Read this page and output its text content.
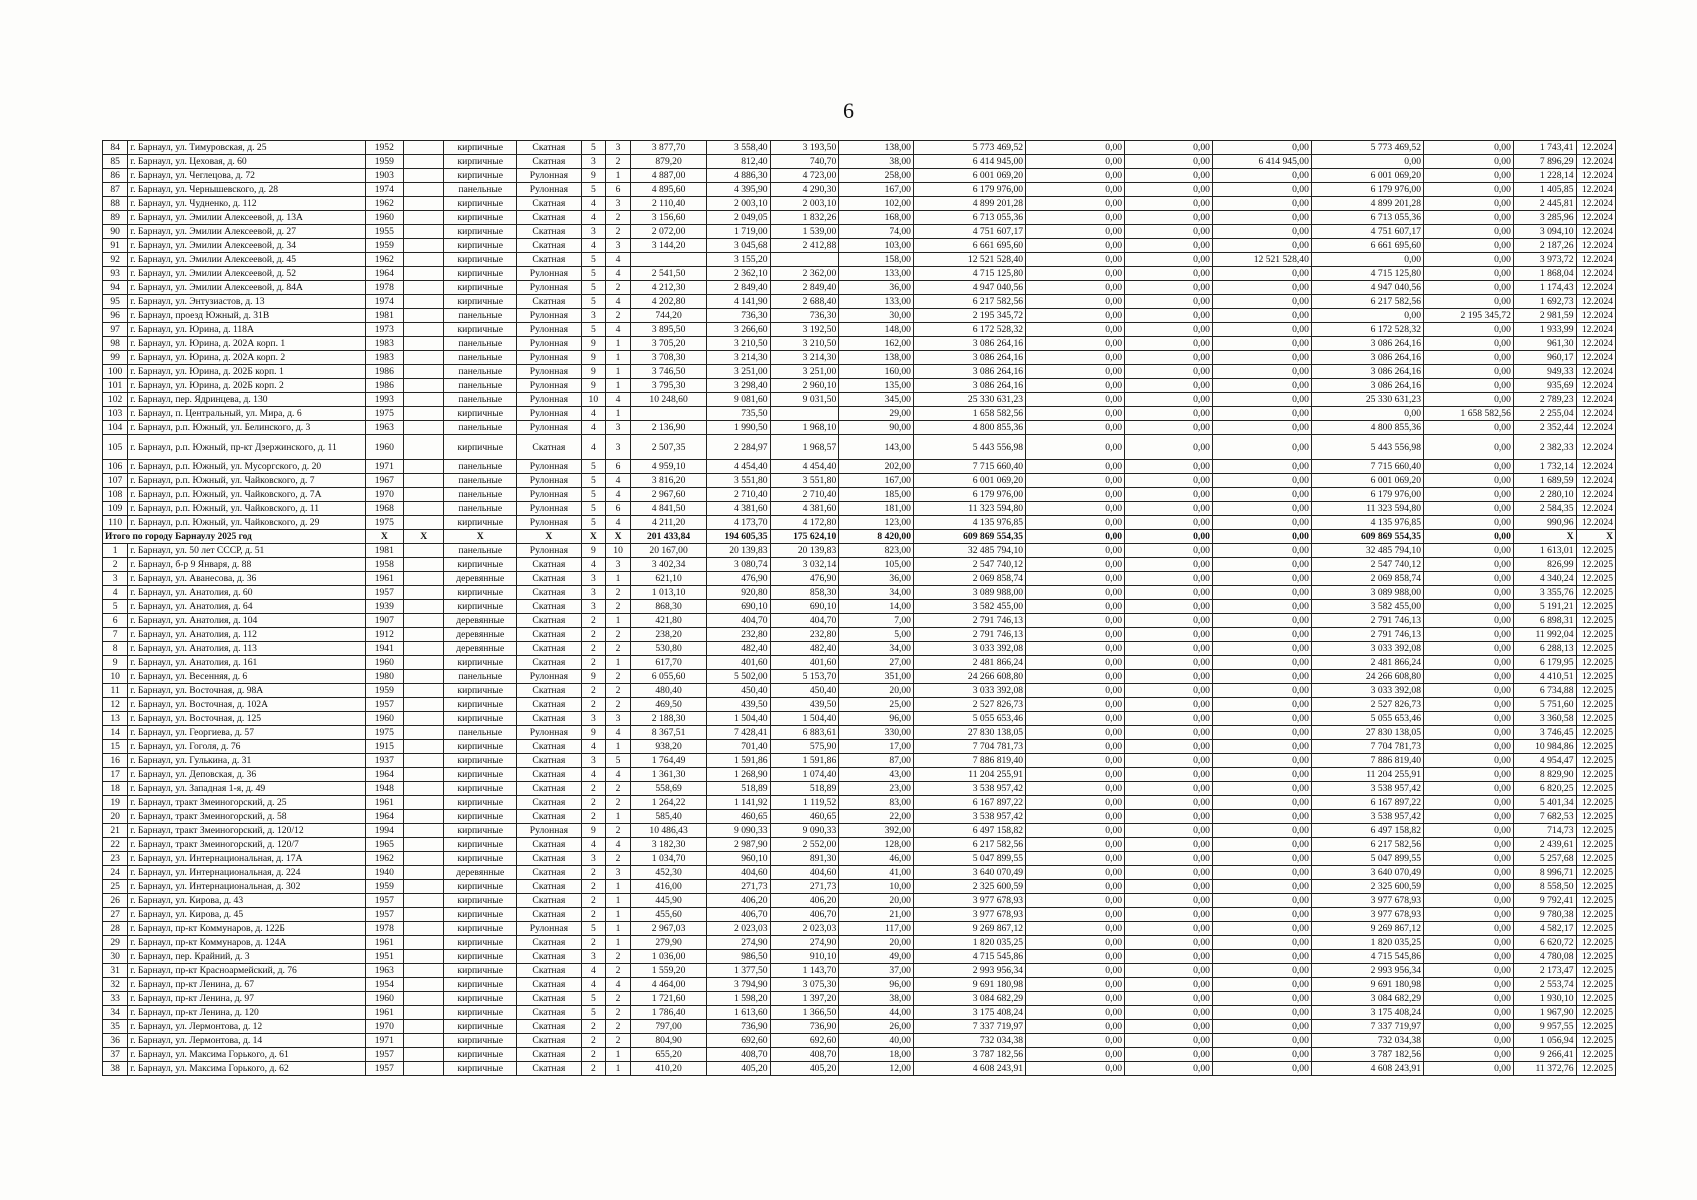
6
84	г. Барнаул, ул. Тимуровская, д. 25	1952		кирпичные	Скатная	5	3	3 877,70	3 558,40	3 193,50	138,00	5 773 469,52	0,00	0,00	0,00	5 773 469,52	0,00	1 743,41	12.2024
85	г. Барнаул, ул. Цеховая, д. 60	1959		кирпичные	Скатная	3	2	879,20	812,40	740,70	38,00	6 414 945,00	0,00	0,00	6 414 945,00	0,00	0,00	7 896,29	12.2024
86	г. Барнаул, ул. Чеглецова, д. 72	1903		кирпичные	Рулонная	9	1	4 887,00	4 886,30	4 723,00	258,00	6 001 069,20	0,00	0,00	0,00	6 001 069,20	0,00	1 228,14	12.2024
87	г. Барнаул, ул. Чернышевского, д. 28	1974		панельные	Рулонная	5	6	4 895,60	4 395,90	4 290,30	167,00	6 179 976,00	0,00	0,00	0,00	6 179 976,00	0,00	1 405,85	12.2024
88	г. Барнаул, ул. Чудненко, д. 112	1962		кирпичные	Скатная	4	3	2 110,40	2 003,10	2 003,10	102,00	4 899 201,28	0,00	0,00	0,00	4 899 201,28	0,00	2 445,81	12.2024
89	г. Барнаул, ул. Эмилии Алексеевой, д. 13А	1960		кирпичные	Скатная	4	2	3 156,60	2 049,05	1 832,26	168,00	6 713 055,36	0,00	0,00	0,00	6 713 055,36	0,00	3 285,96	12.2024
90	г. Барнаул, ул. Эмилии Алексеевой, д. 27	1955		кирпичные	Скатная	3	2	2 072,00	1 719,00	1 539,00	74,00	4 751 607,17	0,00	0,00	0,00	4 751 607,17	0,00	3 094,10	12.2024
91	г. Барнаул, ул. Эмилии Алексеевой, д. 34	1959		кирпичные	Скатная	4	3	3 144,20	3 045,68	2 412,88	103,00	6 661 695,60	0,00	0,00	0,00	6 661 695,60	0,00	2 187,26	12.2024
92	г. Барнаул, ул. Эмилии Алексеевой, д. 45	1962		кирпичные	Скатная	5	4		3 155,20		158,00	12 521 528,40	0,00	0,00	12 521 528,40	0,00	0,00	3 973,72	12.2024
93	г. Барнаул, ул. Эмилии Алексеевой, д. 52	1964		кирпичные	Рулонная	5	4	2 541,50	2 362,10	2 362,00	133,00	4 715 125,80	0,00	0,00	0,00	4 715 125,80	0,00	1 868,04	12.2024
94	г. Барнаул, ул. Эмилии Алексеевой, д. 84А	1978		кирпичные	Рулонная	5	2	4 212,30	2 849,40	2 849,40	36,00	4 947 040,56	0,00	0,00	0,00	4 947 040,56	0,00	1 174,43	12.2024
95	г. Барнаул, ул. Энтузиастов, д. 13	1974		кирпичные	Скатная	5	4	4 202,80	4 141,90	2 688,40	133,00	6 217 582,56	0,00	0,00	0,00	6 217 582,56	0,00	1 692,73	12.2024
96	г. Барнаул, проезд Южный, д. 31В	1981		панельные	Рулонная	3	2	744,20	736,30	736,30	30,00	2 195 345,72	0,00	0,00	0,00	0,00	2 195 345,72	2 981,59	12.2024
97	г. Барнаул, ул. Юрина, д. 118А	1973		кирпичные	Рулонная	5	4	3 895,50	3 266,60	3 192,50	148,00	6 172 528,32	0,00	0,00	0,00	6 172 528,32	0,00	1 933,99	12.2024
98	г. Барнаул, ул. Юрина, д. 202А корп. 1	1983		панельные	Рулонная	9	1	3 705,20	3 210,50	3 210,50	162,00	3 086 264,16	0,00	0,00	0,00	3 086 264,16	0,00	961,30	12.2024
99	г. Барнаул, ул. Юрина, д. 202А корп. 2	1983		панельные	Рулонная	9	1	3 708,30	3 214,30	3 214,30	138,00	3 086 264,16	0,00	0,00	0,00	3 086 264,16	0,00	960,17	12.2024
100	г. Барнаул, ул. Юрина, д. 202Б корп. 1	1986		панельные	Рулонная	9	1	3 746,50	3 251,00	3 251,00	160,00	3 086 264,16	0,00	0,00	0,00	3 086 264,16	0,00	949,33	12.2024
101	г. Барнаул, ул. Юрина, д. 202Б корп. 2	1986		панельные	Рулонная	9	1	3 795,30	3 298,40	2 960,10	135,00	3 086 264,16	0,00	0,00	0,00	3 086 264,16	0,00	935,69	12.2024
102	г. Барнаул, пер. Ядринцева, д. 130	1993		панельные	Рулонная	10	4	10 248,60	9 081,60	9 031,50	345,00	25 330 631,23	0,00	0,00	0,00	25 330 631,23	0,00	2 789,23	12.2024
103	г. Барнаул, п. Центральный, ул. Мира, д. 6	1975		кирпичные	Рулонная	4	1		735,50		29,00	1 658 582,56	0,00	0,00	0,00	0,00	1 658 582,56	2 255,04	12.2024
104	г. Барнаул, р.п. Южный, ул. Белинского, д. 3	1963		панельные	Рулонная	4	3	2 136,90	1 990,50	1 968,10	90,00	4 800 855,36	0,00	0,00	0,00	4 800 855,36	0,00	2 352,44	12.2024
105	г. Барнаул, р.п. Южный, пр-кт Дзержинского, д. 11	1960		кирпичные	Скатная	4	3	2 507,35	2 284,97	1 968,57	143,00	5 443 556,98	0,00	0,00	0,00	5 443 556,98	0,00	2 382,33	12.2024
106	г. Барнаул, р.п. Южный, ул. Мусоргского, д. 20	1971		панельные	Рулонная	5	6	4 959,10	4 454,40	4 454,40	202,00	7 715 660,40	0,00	0,00	0,00	7 715 660,40	0,00	1 732,14	12.2024
107	г. Барнаул, р.п. Южный, ул. Чайковского, д. 7	1967		панельные	Рулонная	5	4	3 816,20	3 551,80	3 551,80	167,00	6 001 069,20	0,00	0,00	0,00	6 001 069,20	0,00	1 689,59	12.2024
108	г. Барнаул, р.п. Южный, ул. Чайковского, д. 7А	1970		панельные	Рулонная	5	4	2 967,60	2 710,40	2 710,40	185,00	6 179 976,00	0,00	0,00	0,00	6 179 976,00	0,00	2 280,10	12.2024
109	г. Барнаул, р.п. Южный, ул. Чайковского, д. 11	1968		панельные	Рулонная	5	6	4 841,50	4 381,60	4 381,60	181,00	11 323 594,80	0,00	0,00	0,00	11 323 594,80	0,00	2 584,35	12.2024
110	г. Барнаул, р.п. Южный, ул. Чайковского, д. 29	1975		кирпичные	Рулонная	5	4	4 211,20	4 173,70	4 172,80	123,00	4 135 976,85	0,00	0,00	0,00	4 135 976,85	0,00	990,96	12.2024
Итого по городу Барнаулу 2025 год		X	X	X	X	X	X	201 433,84	194 605,35	175 624,10	8 420,00	609 869 554,35	0,00	0,00	0,00	609 869 554,35	0,00	X	X
1	г. Барнаул, ул. 50 лет СССР, д. 51	1981		панельные	Рулонная	9	10	20 167,00	20 139,83	20 139,83	823,00	32 485 794,10	0,00	0,00	0,00	32 485 794,10	0,00	1 613,01	12.2025
2	г. Барнаул, б-р 9 Января, д. 88	1958		кирпичные	Скатная	4	3	3 402,34	3 080,74	3 032,14	105,00	2 547 740,12	0,00	0,00	0,00	2 547 740,12	0,00	826,99	12.2025
3	г. Барнаул, ул. Аванесова, д. 36	1961		деревянные	Скатная	3	1	621,10	476,90	476,90	36,00	2 069 858,74	0,00	0,00	0,00	2 069 858,74	0,00	4 340,24	12.2025
4	г. Барнаул, ул. Анатолия, д. 60	1957		кирпичные	Скатная	3	2	1 013,10	920,80	858,30	34,00	3 089 988,00	0,00	0,00	0,00	3 089 988,00	0,00	3 355,76	12.2025
5	г. Барнаул, ул. Анатолия, д. 64	1939		кирпичные	Скатная	3	2	868,30	690,10	690,10	14,00	3 582 455,00	0,00	0,00	0,00	3 582 455,00	0,00	5 191,21	12.2025
6	г. Барнаул, ул. Анатолия, д. 104	1907		деревянные	Скатная	2	1	421,80	404,70	404,70	7,00	2 791 746,13	0,00	0,00	0,00	2 791 746,13	0,00	6 898,31	12.2025
7	г. Барнаул, ул. Анатолия, д. 112	1912		деревянные	Скатная	2	2	238,20	232,80	232,80	5,00	2 791 746,13	0,00	0,00	0,00	2 791 746,13	0,00	11 992,04	12.2025
8	г. Барнаул, ул. Анатолия, д. 113	1941		деревянные	Скатная	2	2	530,80	482,40	482,40	34,00	3 033 392,08	0,00	0,00	0,00	3 033 392,08	0,00	6 288,13	12.2025
9	г. Барнаул, ул. Анатолия, д. 161	1960		кирпичные	Скатная	2	1	617,70	401,60	401,60	27,00	2 481 866,24	0,00	0,00	0,00	2 481 866,24	0,00	6 179,95	12.2025
10	г. Барнаул, ул. Весенняя, д. 6	1980		панельные	Рулонная	9	2	6 055,60	5 502,00	5 153,70	351,00	24 266 608,80	0,00	0,00	0,00	24 266 608,80	0,00	4 410,51	12.2025
11	г. Барнаул, ул. Восточная, д. 98А	1959		кирпичные	Скатная	2	2	480,40	450,40	450,40	20,00	3 033 392,08	0,00	0,00	0,00	3 033 392,08	0,00	6 734,88	12.2025
12	г. Барнаул, ул. Восточная, д. 102А	1957		кирпичные	Скатная	2	2	469,50	439,50	439,50	25,00	2 527 826,73	0,00	0,00	0,00	2 527 826,73	0,00	5 751,60	12.2025
13	г. Барнаул, ул. Восточная, д. 125	1960		кирпичные	Скатная	3	3	2 188,30	1 504,40	1 504,40	96,00	5 055 653,46	0,00	0,00	0,00	5 055 653,46	0,00	3 360,58	12.2025
14	г. Барнаул, ул. Георгиева, д. 57	1975		панельные	Рулонная	9	4	8 367,51	7 428,41	6 883,61	330,00	27 830 138,05	0,00	0,00	0,00	27 830 138,05	0,00	3 746,45	12.2025
15	г. Барнаул, ул. Гоголя, д. 76	1915		кирпичные	Скатная	4	1	938,20	701,40	575,90	17,00	7 704 781,73	0,00	0,00	0,00	7 704 781,73	0,00	10 984,86	12.2025
16	г. Барнаул, ул. Гулькина, д. 31	1937		кирпичные	Скатная	3	5	1 764,49	1 591,86	1 591,86	87,00	7 886 819,40	0,00	0,00	0,00	7 886 819,40	0,00	4 954,47	12.2025
17	г. Барнаул, ул. Деповская, д. 36	1964		кирпичные	Скатная	4	4	1 361,30	1 268,90	1 074,40	43,00	11 204 255,91	0,00	0,00	0,00	11 204 255,91	0,00	8 829,90	12.2025
18	г. Барнаул, ул. Западная 1-я, д. 49	1948		кирпичные	Скатная	2	2	558,69	518,89	518,89	23,00	3 538 957,42	0,00	0,00	0,00	3 538 957,42	0,00	6 820,25	12.2025
19	г. Барнаул, тракт Змеиногорский, д. 25	1961		кирпичные	Скатная	2	2	1 264,22	1 141,92	1 119,52	83,00	6 167 897,22	0,00	0,00	0,00	6 167 897,22	0,00	5 401,34	12.2025
20	г. Барнаул, тракт Змеиногорский, д. 58	1964		кирпичные	Скатная	2	1	585,40	460,65	460,65	22,00	3 538 957,42	0,00	0,00	0,00	3 538 957,42	0,00	7 682,53	12.2025
21	г. Барнаул, тракт Змеиногорский, д. 120/12	1994		кирпичные	Рулонная	9	2	10 486,43	9 090,33	9 090,33	392,00	6 497 158,82	0,00	0,00	0,00	6 497 158,82	0,00	714,73	12.2025
22	г. Барнаул, тракт Змеиногорский, д. 120/7	1965		кирпичные	Скатная	4	4	3 182,30	2 987,90	2 552,00	128,00	6 217 582,56	0,00	0,00	0,00	6 217 582,56	0,00	2 439,61	12.2025
23	г. Барнаул, ул. Интернациональная, д. 17А	1962		кирпичные	Скатная	3	2	1 034,70	960,10	891,30	46,00	5 047 899,55	0,00	0,00	0,00	5 047 899,55	0,00	5 257,68	12.2025
24	г. Барнаул, ул. Интернациональная, д. 224	1940		деревянные	Скатная	2	3	452,30	404,60	404,60	41,00	3 640 070,49	0,00	0,00	0,00	3 640 070,49	0,00	8 996,71	12.2025
25	г. Барнаул, ул. Интернациональная, д. 302	1959		кирпичные	Скатная	2	1	416,00	271,73	271,73	10,00	2 325 600,59	0,00	0,00	0,00	2 325 600,59	0,00	8 558,50	12.2025
26	г. Барнаул, ул. Кирова, д. 43	1957		кирпичные	Скатная	2	1	445,90	406,20	406,20	20,00	3 977 678,93	0,00	0,00	0,00	3 977 678,93	0,00	9 792,41	12.2025
27	г. Барнаул, ул. Кирова, д. 45	1957		кирпичные	Скатная	2	1	455,60	406,70	406,70	21,00	3 977 678,93	0,00	0,00	0,00	3 977 678,93	0,00	9 780,38	12.2025
28	г. Барнаул, пр-кт Коммунаров, д. 122Б	1978		кирпичные	Рулонная	5	1	2 967,03	2 023,03	2 023,03	117,00	9 269 867,12	0,00	0,00	0,00	9 269 867,12	0,00	4 582,17	12.2025
29	г. Барнаул, пр-кт Коммунаров, д. 124А	1961		кирпичные	Скатная	2	1	279,90	274,90	274,90	20,00	1 820 035,25	0,00	0,00	0,00	1 820 035,25	0,00	6 620,72	12.2025
30	г. Барнаул, пер. Крайний, д. 3	1951		кирпичные	Скатная	3	2	1 036,00	986,50	910,10	49,00	4 715 545,86	0,00	0,00	0,00	4 715 545,86	0,00	4 780,08	12.2025
31	г. Барнаул, пр-кт Красноармейский, д. 76	1963		кирпичные	Скатная	4	2	1 559,20	1 377,50	1 143,70	37,00	2 993 956,34	0,00	0,00	0,00	2 993 956,34	0,00	2 173,47	12.2025
32	г. Барнаул, пр-кт Ленина, д. 67	1954		кирпичные	Скатная	4	4	4 464,00	3 794,90	3 075,30	96,00	9 691 180,98	0,00	0,00	0,00	9 691 180,98	0,00	2 553,74	12.2025
33	г. Барнаул, пр-кт Ленина, д. 97	1960		кирпичные	Скатная	5	2	1 721,60	1 598,20	1 397,20	38,00	3 084 682,29	0,00	0,00	0,00	3 084 682,29	0,00	1 930,10	12.2025
34	г. Барнаул, пр-кт Ленина, д. 120	1961		кирпичные	Скатная	5	2	1 786,40	1 613,60	1 366,50	44,00	3 175 408,24	0,00	0,00	0,00	3 175 408,24	0,00	1 967,90	12.2025
35	г. Барнаул, ул. Лермонтова, д. 12	1970		кирпичные	Скатная	2	2	797,00	736,90	736,90	26,00	7 337 719,97	0,00	0,00	0,00	7 337 719,97	0,00	9 957,55	12.2025
36	г. Барнаул, ул. Лермонтова, д. 14	1971		кирпичные	Скатная	2	2	804,90	692,60	692,60	40,00	732 034,38	0,00	0,00	0,00	732 034,38	0,00	1 056,94	12.2025
37	г. Барнаул, ул. Максима Горького, д. 61	1957		кирпичные	Скатная	2	1	655,20	408,70	408,70	18,00	3 787 182,56	0,00	0,00	0,00	3 787 182,56	0,00	9 266,41	12.2025
38	г. Барнаул, ул. Максима Горького, д. 62	1957		кирпичные	Скатная	2	1	410,20	405,20	405,20	12,00	4 608 243,91	0,00	0,00	0,00	4 608 243,91	0,00	11 372,76	12.2025
